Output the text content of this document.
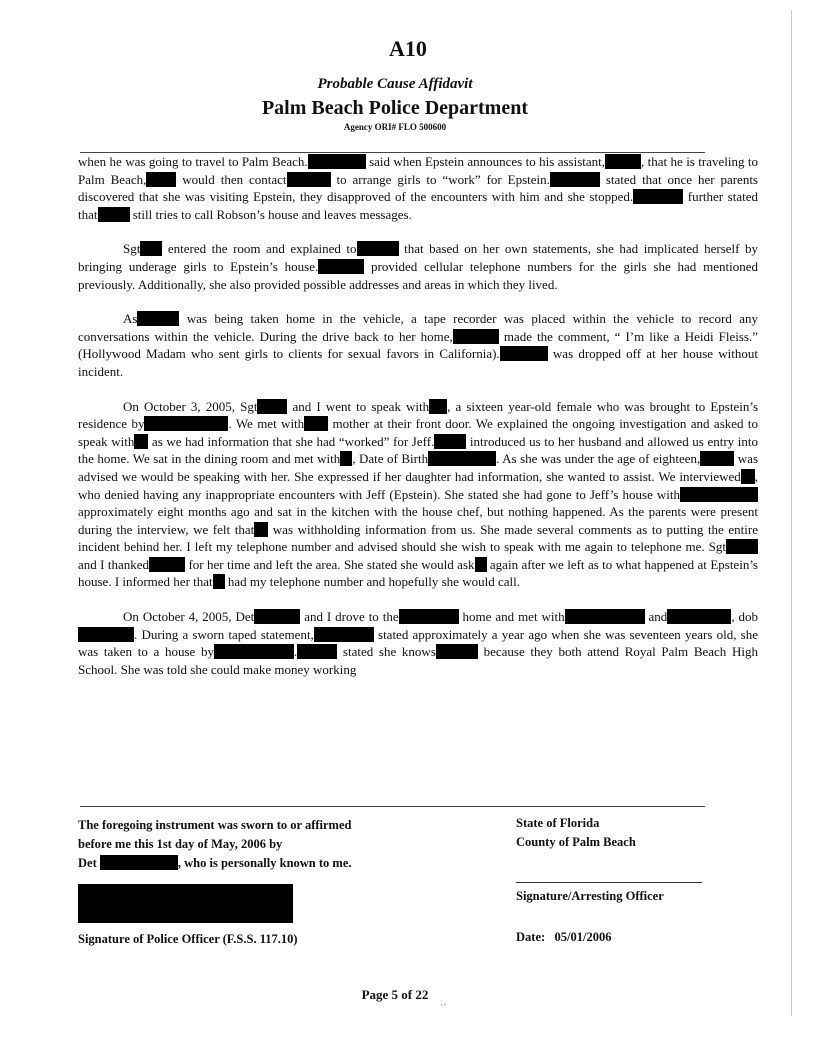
ˎˏ
A10
Probable Cause Affidavit
Palm Beach Police Department
Agency ORI# FLO 500600

when he was going to travel to Palm Beach.	said when Epstein announces to his assistant,	, that he is traveling to Palm Beach, would then contact	to arrange girls to “work” for Epstein.	stated that once her parents discovered that she was visiting Epstein, they disapproved of the encounters with him and she stopped.	further stated that still tries to call Robson’s house and leaves messages.

Sgt entered the room and explained to	that based on her own statements, she had implicated herself by bringing underage girls to Epstein’s house.	provided cellular telephone numbers for the girls she had mentioned previously. Additionally, she also provided possible addresses and areas in which they lived.

As	was being taken home in the vehicle, a tape recorder was placed within the vehicle to record any conversations within the vehicle. During the drive back to her home,	made the comment, “ I’m like a Heidi Fleiss.” (Hollywood Madam who sent girls to clients for sexual favors in California).	was dropped off at her house without incident.

On October 3, 2005, Sgt and I went to speak with , a sixteen year-old female who was brought to Epstein’s residence by	. We met with mother at their front door. We explained the ongoing investigation and asked to speak with as we had information that she had “worked” for Jeff. introduced us to her husband and allowed us entry into the home. We sat in the dining room and met with , Date of Birth	. As she was under the age of eighteen,	was advised we would be speaking with her. She expressed if her daughter had information, she wanted to assist. We interviewed , who denied having any inappropriate encounters with Jeff (Epstein). She stated she had gone to Jeff’s house with approximately eight months ago and sat in the kitchen with the house chef, but nothing happened. As the parents were present during the interview, we felt that was withholding information from us. She made several comments as to putting the entire incident behind her. I left my telephone number and advised should she wish to speak with me again to telephone me. Sgt and I thanked	for her time and left the area. She stated she would ask again after we left as to what happened at Epstein’s house. I informed her that had my telephone number and hopefully she would call.

On October 4, 2005, Det	and I drove to the	home and met with	and	, dob. During a sworn taped statement,	stated approximately a year ago when she was seventeen years old, she was taken to a house by	.	stated she knows	because they both attend Royal Palm Beach High School. She was told she could make money working

The foregoing instrument was sworn to or affirmed
before me this 1st day of May, 2006 by
Det	, who is personally known to me.
Signature of Police Officer (F.S.S. 117.10)
State of Florida
County of Palm Beach
Signature/Arresting Officer
Date: 05/01/2006
Page 5 of 22
